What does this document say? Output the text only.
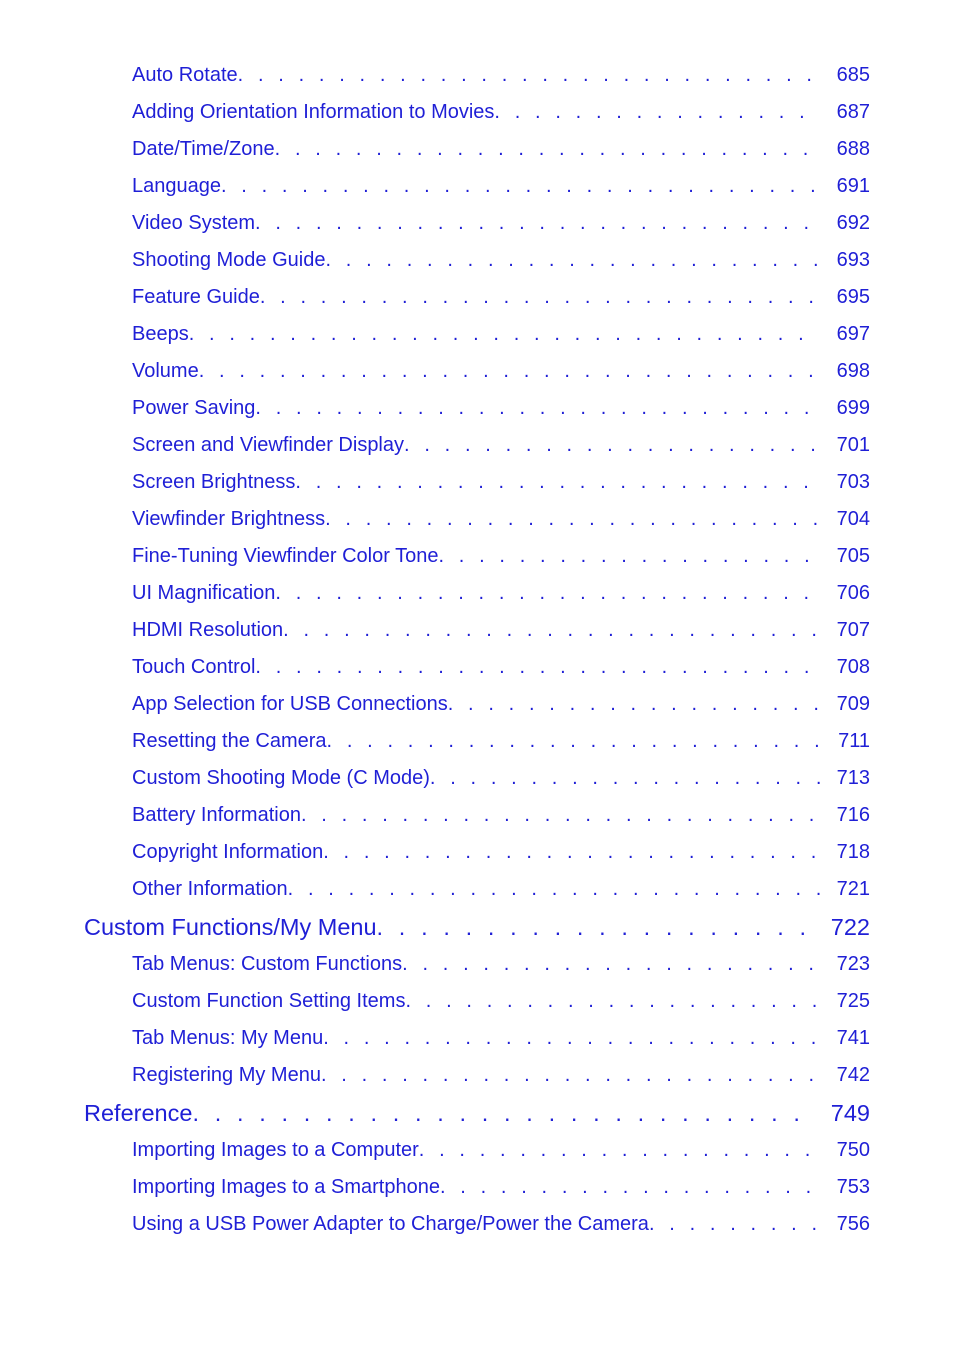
Auto Rotate . . .	685
Adding Orientation Information to Movies . . .	687
Date/Time/Zone . . .	688
Language . . .	691
Video System . . .	692
Shooting Mode Guide . . .	693
Feature Guide . . .	695
Beeps . . .	697
Volume . . .	698
Power Saving . . .	699
Screen and Viewfinder Display . . .	701
Screen Brightness . . .	703
Viewfinder Brightness . . .	704
Fine-Tuning Viewfinder Color Tone . . .	705
UI Magnification . . .	706
HDMI Resolution . . .	707
Touch Control . . .	708
App Selection for USB Connections . . .	709
Resetting the Camera . . .	711
Custom Shooting Mode (C Mode) . . .	713
Battery Information . . .	716
Copyright Information . . .	718
Other Information . . .	721
Custom Functions/My Menu . . .	722
Tab Menus: Custom Functions . . .	723
Custom Function Setting Items . . .	725
Tab Menus: My Menu . . .	741
Registering My Menu . . .	742
Reference . . .	749
Importing Images to a Computer . . .	750
Importing Images to a Smartphone . . .	753
Using a USB Power Adapter to Charge/Power the Camera . . .	756
